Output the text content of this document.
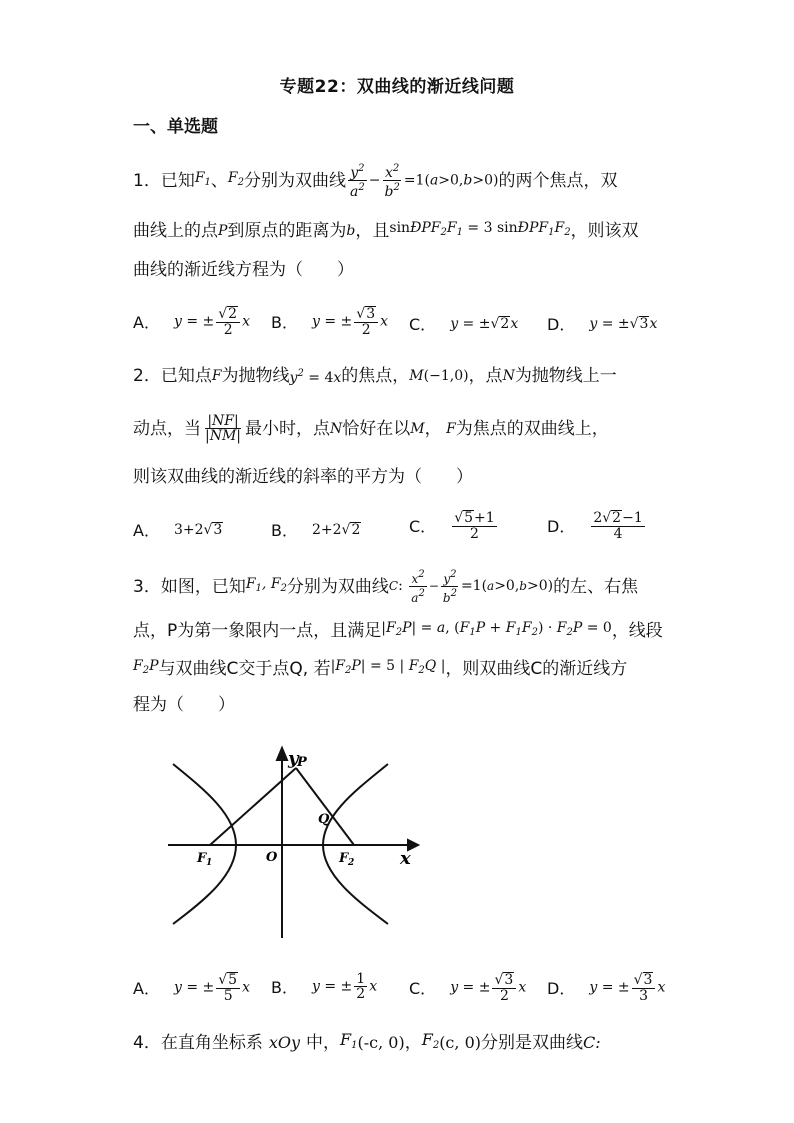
专题22：双曲线的渐近线问题
一、单选题
1．已知 $F_1$ 、 $F_2$ 分别为双曲线 $\frac{y^2}{a^2} - \frac{x^2}{b^2} =1(a>0,b>0)$ 的两个焦点，双
曲线上的点 P 到原点的距离为 b ，且 $\sin ÐPF_2F_1 = 3$ $\sin ÐPF_1F_2$ ，则该双
曲线的渐近线方程为（　　）
A． y = ± $\frac{√ 2}{2}$ x B． y = ± $\frac{√ 3}{2}$ x C． y = ± √ 2 x D． y = ± √ 3 x
2．已知点 F 为抛物线 $y^2 = 4x$ 的焦点， M(−1,0) ，点 N 为抛物线上一
动点，当 $\frac{|NF|}{|NM|}$ 最小时，点 N 恰好在以 M ， F 为焦点的双曲线上，
则该双曲线的渐近线的斜率的平方为（　　）
A． 3+2 √ 3	B． 2+2 √ 2	C． $\frac{√ 5 +1}{2}$	D． $\frac{2 √ 2 -1}{4}$
3．如图，已知 $F_1$, $F_2$ 分别为双曲线 C: $\frac{x^2}{a^2} - \frac{y^2}{b^2} =1(a>0,b>0)$ 的左、右焦
点，P为第一象限内一点，且满足 $|F_2P| = a$, $(F_1P + F_1F_2) \cdot F_2P = 0$ ，线段
$F_2P$ 与双曲线C交于点Q, 若 $|F_2P| = 5$ | $F_2Q$ | ，则双曲线C的渐近线方
程为（　　）
y
P
Q
O
F 1	F 2	x
A． y = ± $\frac{√ 5}{5}$ x B． y = ± $\frac{1}{2}$ x C． y = ± $\frac{√ 3}{2}$ x D． y = ± $\frac{√ 3}{3}$ x
4．在直角坐标系 xOy 中， $F_1$ (-c, 0) ， $F_2$ (c, 0) 分别是双曲线 C:
